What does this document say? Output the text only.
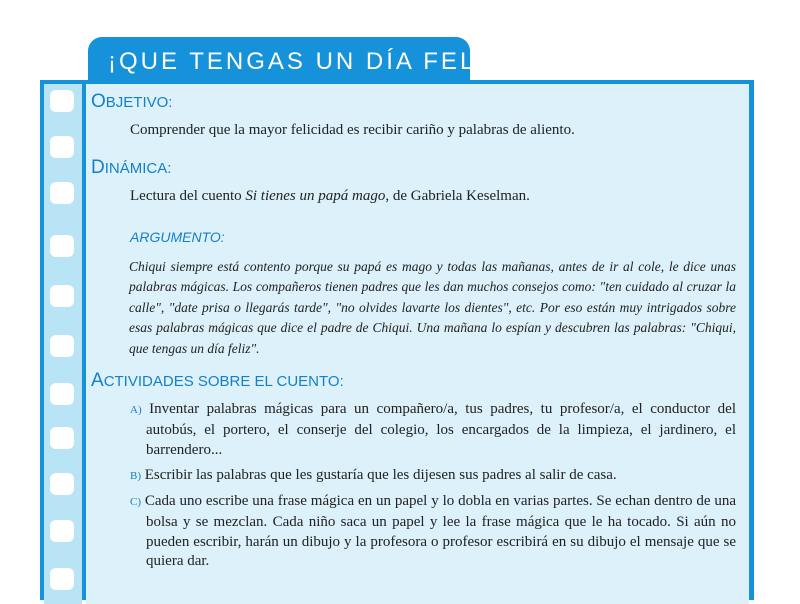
¡QUE TENGAS UN DÍA FELIZ!
OBJETIVO:
Comprender que la mayor felicidad es recibir cariño y palabras de aliento.
DINÁMICA:
Lectura del cuento Si tienes un papá mago, de Gabriela Keselman.
ARGUMENTO:
Chiqui siempre está contento porque su papá es mago y todas las mañanas, antes de ir al cole, le dice unas palabras mágicas. Los compañeros tienen padres que les dan muchos consejos como: "ten cuidado al cruzar la calle", "date prisa o llegarás tarde", "no olvides lavarte los dientes", etc. Por eso están muy intrigados sobre esas palabras mágicas que dice el padre de Chiqui. Una mañana lo espían y descubren las palabras: "Chiqui, que tengas un día feliz".
ACTIVIDADES SOBRE EL CUENTO:
A) Inventar palabras mágicas para un compañero/a, tus padres, tu profesor/a, el conductor del autobús, el portero, el conserje del colegio, los encargados de la limpieza, el jardinero, el barrendero...
B) Escribir las palabras que les gustaría que les dijesen sus padres al salir de casa.
C) Cada uno escribe una frase mágica en un papel y lo dobla en varias partes. Se echan dentro de una bolsa y se mezclan. Cada niño saca un papel y lee la frase mágica que le ha tocado. Si aún no pueden escribir, harán un dibujo y la profesora o profesor escribirá en su dibujo el mensaje que se quiera dar.
